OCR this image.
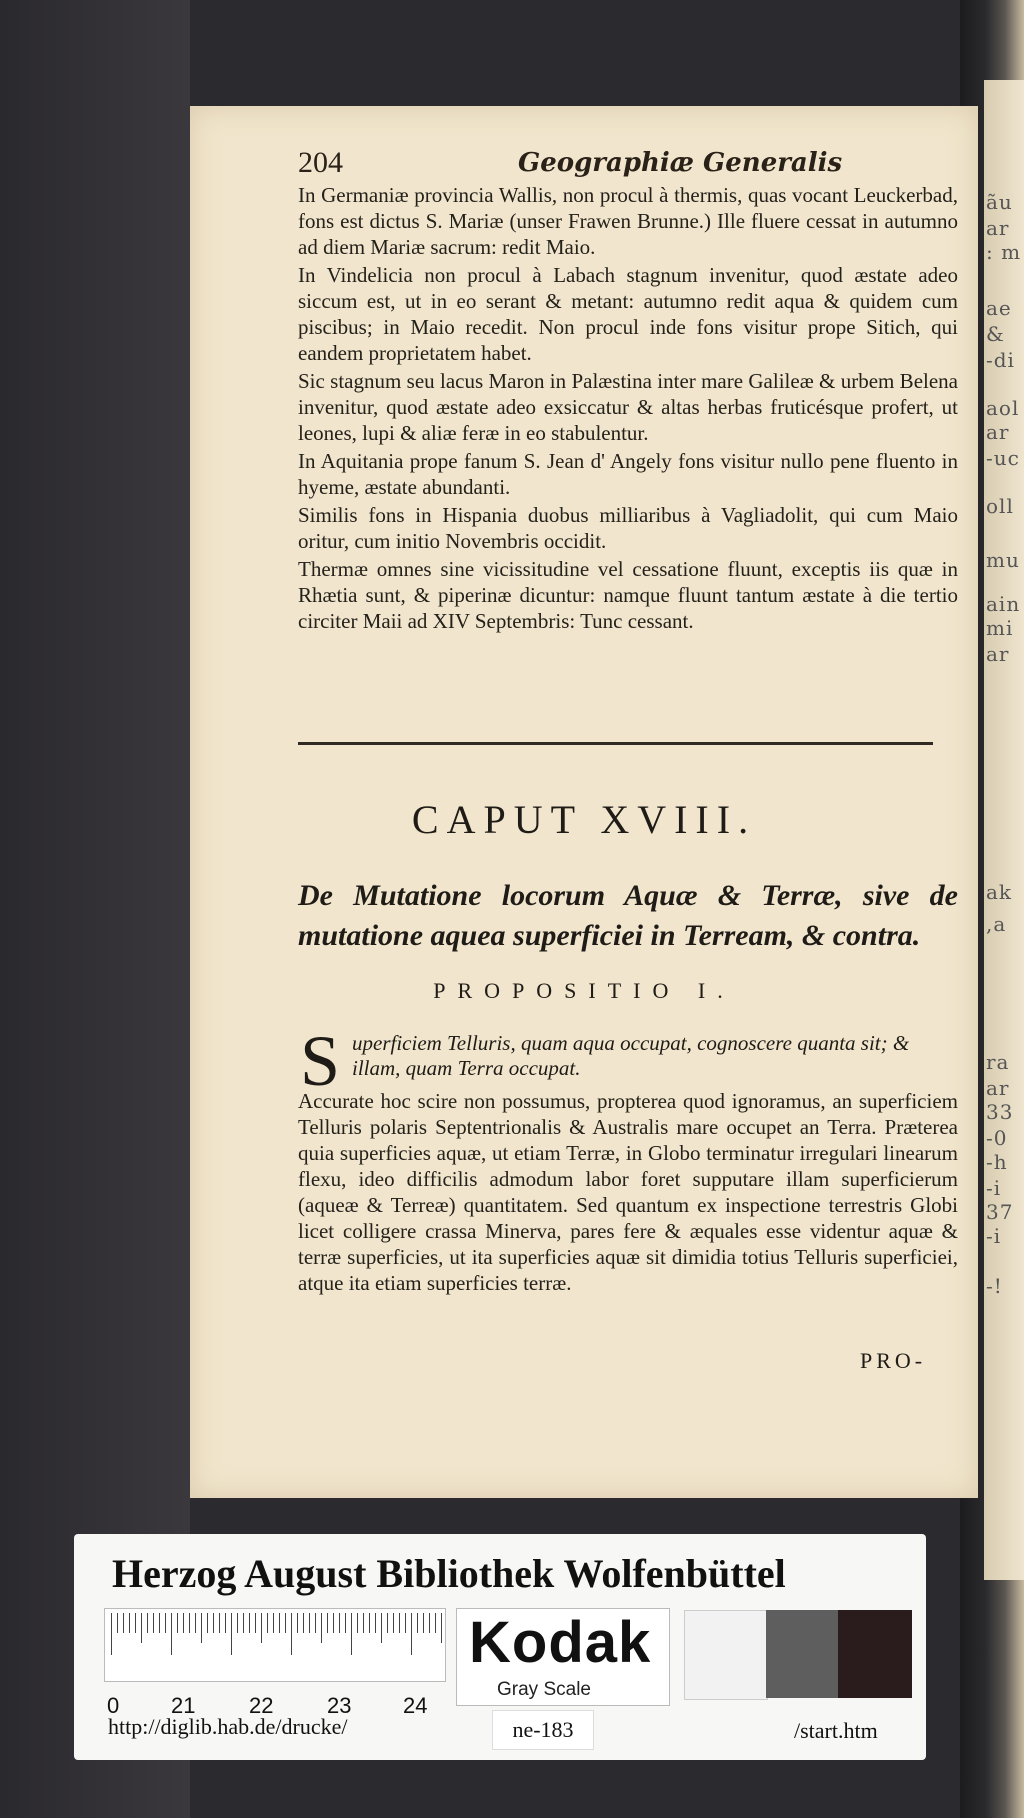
ãu
ar
: m
ae
&
-di
aol
ar
-uc
oll
mu
ain
mi
ar
ak
,a
ra
ar
33
-0
-h
-i
37
-i
-!
204	Geographiæ Generalis

In Germaniæ provincia Wallis, non procul à thermis, quas vocant Leuckerbad, fons est dictus S. Mariæ (unser Frawen Brunne.) Ille fluere cessat in autumno ad diem Mariæ sacrum: redit Maio.

In Vindelicia non procul à Labach stagnum invenitur, quod æstate adeo siccum est, ut in eo serant & metant: autumno redit aqua & quidem cum piscibus; in Maio recedit. Non procul inde fons visitur prope Sitich, qui eandem proprietatem habet.

Sic stagnum seu lacus Maron in Palæstina inter mare Galileæ & urbem Belena invenitur, quod æstate adeo exsiccatur & altas herbas fruticésque profert, ut leones, lupi & aliæ feræ in eo stabulentur.

In Aquitania prope fanum S. Jean d' Angely fons visitur nullo pene fluento in hyeme, æstate abundanti.

Similis fons in Hispania duobus milliaribus à Vagliadolit, qui cum Maio oritur, cum initio Novembris occidit.

Thermæ omnes sine vicissitudine vel cessatione fluunt, exceptis iis quæ in Rhætia sunt, & piperinæ dicuntur: namque fluunt tantum æstate à die tertio circiter Maii ad XIV Septembris: Tunc cessant.

CAPUT XVIII.
De Mutatione locorum Aquæ & Terræ, sive de mutatione aquea superficiei in Terream, & contra.
PROPOSITIO I.
S uperficiem Telluris, quam aqua occupat, cognoscere quanta sit; & illam, quam Terra occupat.

Accurate hoc scire non possumus, propterea quod ignoramus, an superficiem Telluris polaris Septentrionalis & Australis mare occupet an Terra. Præterea quia superficies aquæ, ut etiam Terræ, in Globo terminatur irregulari linearum flexu, ideo difficilis admodum labor foret supputare illam superficierum (aqueæ & Terreæ) quantitatem. Sed quantum ex inspectione terrestris Globi licet colligere crassa Minerva, pares fere & æquales esse videntur aquæ & terræ superficies, ut ita superficies aquæ sit dimidia totius Telluris superficiei, atque ita etiam superficies terræ.

PRO-
Herzog August Bibliothek Wolfenbüttel
0 21 22 23 24
Kodak
Gray Scale
http://diglib.hab.de/drucke/	ne-183	/start.htm
